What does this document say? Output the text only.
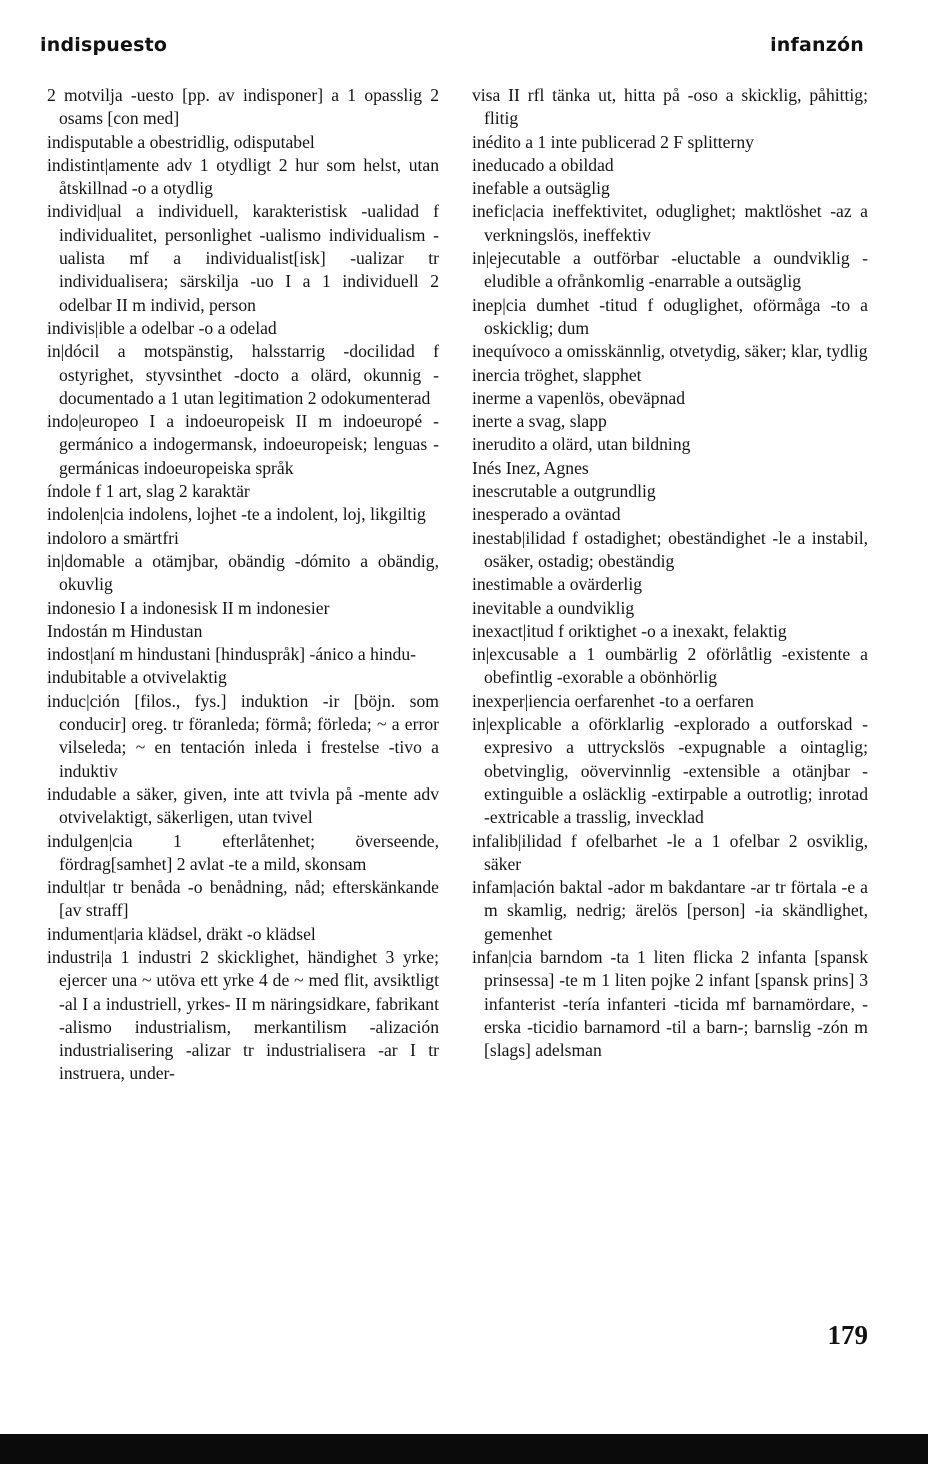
indispuesto	infanzón

2 motvilja -uesto [pp. av indisponer] a 1 opasslig 2 osams [con med]

indisputable a obestridlig, odisputabel

indistint|amente adv 1 otydligt 2 hur som helst, utan åtskillnad -o a otydlig

individ|ual a individuell, karakteristisk -ualidad f individualitet, personlighet -ualismo individualism -ualista mf a individualist[isk] -ualizar tr individualisera; särskilja -uo I a 1 individuell 2 odelbar II m individ, person

indivis|ible a odelbar -o a odelad

in|dócil a motspänstig, halsstarrig -docilidad f ostyrighet, styvsinthet -docto a olärd, okunnig -documentado a 1 utan legitimation 2 odokumenterad

indo|europeo I a indoeuropeisk II m indoeuropé -germánico a indogermansk, indoeuropeisk; lenguas -germánicas indoeuropeiska språk

índole f 1 art, slag 2 karaktär

indolen|cia indolens, lojhet -te a indolent, loj, likgiltig

indoloro a smärtfri

in|domable a otämjbar, obändig -dómito a obändig, okuvlig

indonesio I a indonesisk II m indonesier

Indostán m Hindustan

indost|aní m hindustani [hinduspråk] -ánico a hindu-

indubitable a otvivelaktig

induc|ción [filos., fys.] induktion -ir [böjn. som conducir] oreg. tr föranleda; förmå; förleda; ~ a error vilseleda; ~ en tentación inleda i frestelse -tivo a induktiv

indudable a säker, given, inte att tvivla på -mente adv otvivelaktigt, säkerligen, utan tvivel

indulgen|cia 1 efterlåtenhet; överseende, fördrag[samhet] 2 avlat -te a mild, skonsam

indult|ar tr benåda -o benådning, nåd; efterskänkande [av straff]

indument|aria klädsel, dräkt -o klädsel

industri|a 1 industri 2 skicklighet, händighet 3 yrke; ejercer una ~ utöva ett yrke 4 de ~ med flit, avsiktligt -al I a industriell, yrkes- II m näringsidkare, fabrikant -alismo industrialism, merkantilism -alización industrialisering -alizar tr industrialisera -ar I tr instruera, under-

visa II rfl tänka ut, hitta på -oso a skicklig, påhittig; flitig

inédito a 1 inte publicerad 2 F splitterny

ineducado a obildad

inefable a outsäglig

inefic|acia ineffektivitet, oduglighet; maktlöshet -az a verkningslös, ineffektiv

in|ejecutable a outförbar -eluctable a oundviklig -eludible a ofrånkomlig -enarrable a outsäglig

inep|cia dumhet -titud f oduglighet, oförmåga -to a oskicklig; dum

inequívoco a omisskännlig, otvetydig, säker; klar, tydlig

inercia tröghet, slapphet

inerme a vapenlös, obeväpnad

inerte a svag, slapp

inerudito a olärd, utan bildning

Inés Inez, Agnes

inescrutable a outgrundlig

inesperado a oväntad

inestab|ilidad f ostadighet; obeständighet -le a instabil, osäker, ostadig; obeständig

inestimable a ovärderlig

inevitable a oundviklig

inexact|itud f oriktighet -o a inexakt, felaktig

in|excusable a 1 oumbärlig 2 oförlåtlig -existente a obefintlig -exorable a obönhörlig

inexper|iencia oerfarenhet -to a oerfaren

in|explicable a oförklarlig -explorado a outforskad -expresivo a uttryckslös -expugnable a ointaglig; obetvinglig, oövervinnlig -extensible a otänjbar -extinguible a osläcklig -extirpable a outrotlig; inrotad -extricable a trasslig, invecklad

infalib|ilidad f ofelbarhet -le a 1 ofelbar 2 osviklig, säker

infam|ación baktal -ador m bakdantare -ar tr förtala -e a m skamlig, nedrig; ärelös [person] -ia skändlighet, gemenhet

infan|cia barndom -ta 1 liten flicka 2 infanta [spansk prinsessa] -te m 1 liten pojke 2 infant [spansk prins] 3 infanterist -tería infanteri -ticida mf barnamördare, -erska -ticidio barnamord -til a barn-; barnslig -zón m [slags] adelsman

179
